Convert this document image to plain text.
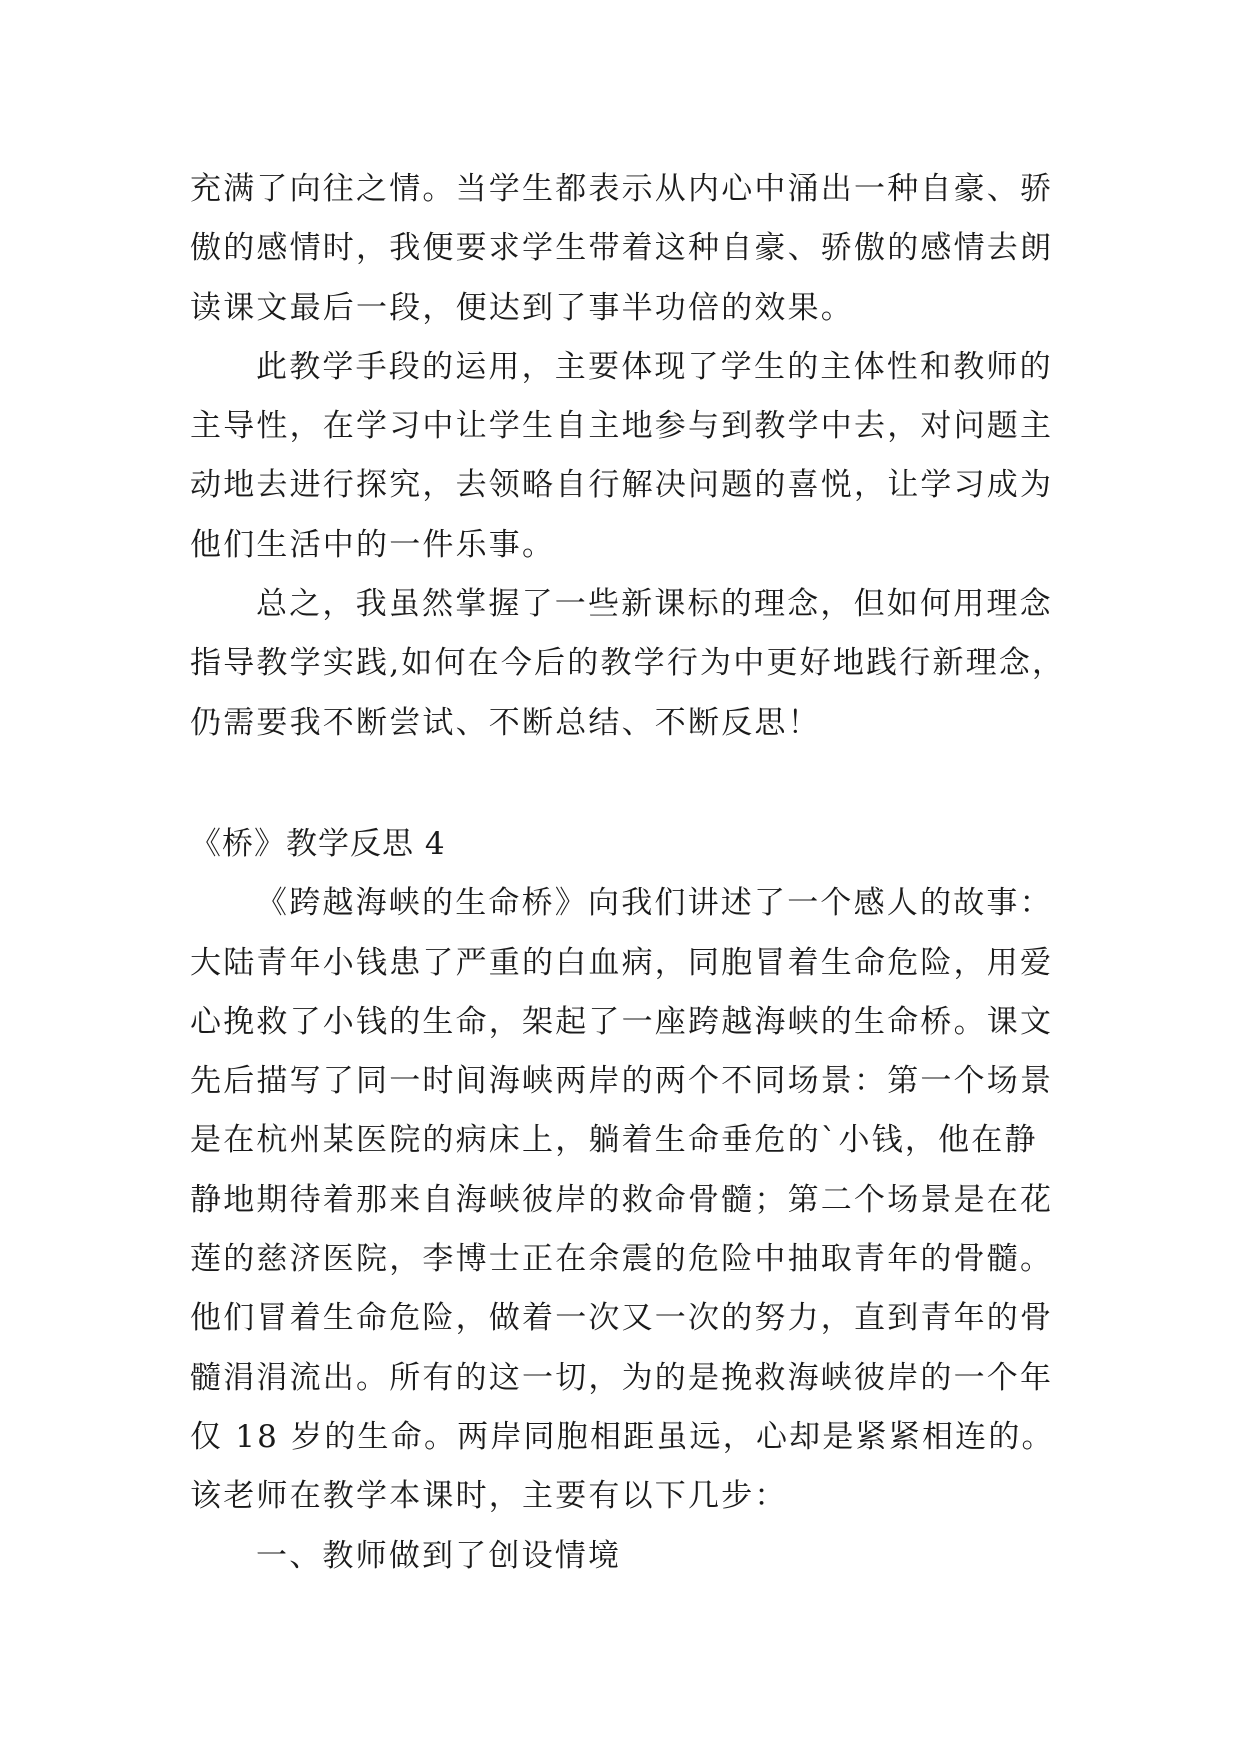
充满了向往之情。当学生都表示从内心中涌出一种自豪、骄
傲的感情时，我便要求学生带着这种自豪、骄傲的感情去朗
读课文最后一段，便达到了事半功倍的效果。
此教学手段的运用，主要体现了学生的主体性和教师的
主导性，在学习中让学生自主地参与到教学中去，对问题主
动地去进行探究，去领略自行解决问题的喜悦，让学习成为
他们生活中的一件乐事。
总之，我虽然掌握了一些新课标的理念，但如何用理念
指导教学实践,如何在今后的教学行为中更好地践行新理念，
仍需要我不断尝试、不断总结、不断反思！
《桥》教学反思 4
《跨越海峡的生命桥》向我们讲述了一个感人的故事：
大陆青年小钱患了严重的白血病，同胞冒着生命危险，用爱
心挽救了小钱的生命，架起了一座跨越海峡的生命桥。课文
先后描写了同一时间海峡两岸的两个不同场景：第一个场景
是在杭州某医院的病床上，躺着生命垂危的`小钱，他在静
静地期待着那来自海峡彼岸的救命骨髓；第二个场景是在花
莲的慈济医院，李博士正在余震的危险中抽取青年的骨髓。
他们冒着生命危险，做着一次又一次的努力，直到青年的骨
髓涓涓流出。所有的这一切，为的是挽救海峡彼岸的一个年
仅 18 岁的生命。两岸同胞相距虽远，心却是紧紧相连的。
该老师在教学本课时，主要有以下几步：
一、教师做到了创设情境
